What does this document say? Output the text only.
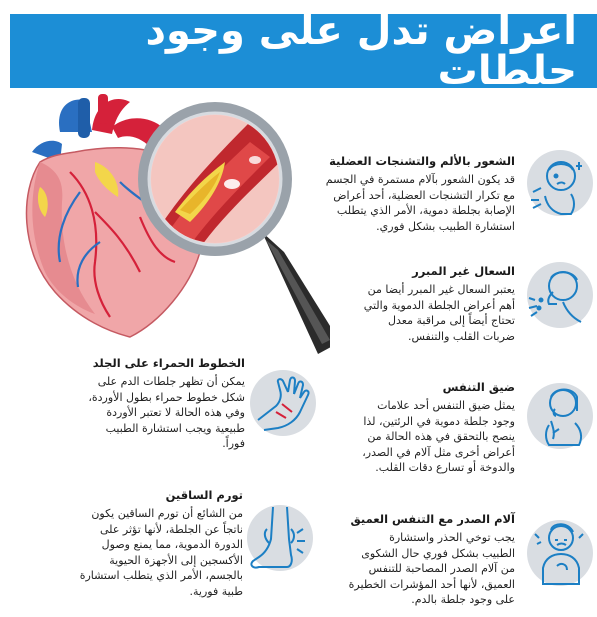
أعراض تدل على وجود جلطات
الشعور بالألم والتشنجات العضلية
قد يكون الشعور بآلام مستمرة في الجسم
مع تكرار التشنجات العضلية، أحد أعراض
الإصابة بجلطة دموية، الأمر الذي يتطلب
استشارة الطبيب بشكل فوري.
السعال غير المبرر
يعتبر السعال غير المبرر أيضا من
أهم أعراض الجلطة الدموية والتي
تحتاج أيضاً إلى مراقبة معدل
ضربات القلب والتنفس.
ضيق التنفس
يمثل ضيق التنفس أحد علامات
وجود جلطة دموية في الرئتين، لذا
ينصح بالتحقق في هذه الحالة من
أعراض أخرى مثل آلام في الصدر،
والدوخة أو تسارع دقات القلب.
آلام الصدر مع التنفس العميق
يجب توخي الحذر واستشارة
الطبيب بشكل فوري حال الشكوى
من آلام الصدر المصاحبة للتنفس
العميق، لأنها أحد المؤشرات الخطيرة
على وجود جلطة بالدم.
الخطوط الحمراء على الجلد
يمكن أن تظهر جلطات الدم على
شكل خطوط حمراء بطول الأوردة،
وفي هذه الحالة لا تعتبر الأوردة
طبيعية ويجب استشارة الطبيب
فوراً.
تورم الساقين
من الشائع أن تورم الساقين يكون
ناتجاً عن الجلطة، لأنها تؤثر على
الدورة الدموية، مما يمنع وصول
الأكسجين إلى الأجهزة الحيوية
بالجسم، الأمر الذي يتطلب استشارة
طبية فورية.
